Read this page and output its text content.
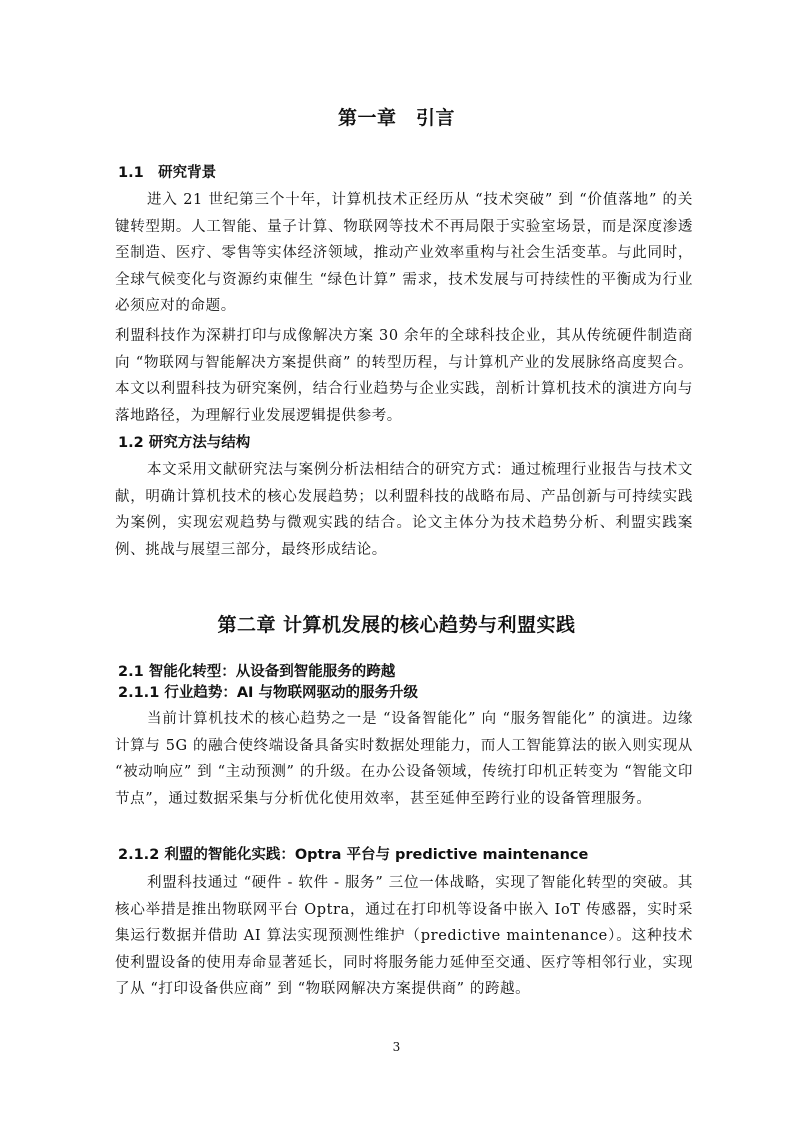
第一章　引言
1.1　研究背景

进入 21 世纪第三个十年，计算机技术正经历从 “技术突破” 到 “价值落地” 的关键转型期。人工智能、量子计算、物联网等技术不再局限于实验室场景，而是深度渗透至制造、医疗、零售等实体经济领域，推动产业效率重构与社会生活变革。与此同时，全球气候变化与资源约束催生 “绿色计算” 需求，技术发展与可持续性的平衡成为行业必须应对的命题。

利盟科技作为深耕打印与成像解决方案 30 余年的全球科技企业，其从传统硬件制造商向 “物联网与智能解决方案提供商” 的转型历程，与计算机产业的发展脉络高度契合。本文以利盟科技为研究案例，结合行业趋势与企业实践，剖析计算机技术的演进方向与落地路径，为理解行业发展逻辑提供参考。

1.2 研究方法与结构

本文采用文献研究法与案例分析法相结合的研究方式：通过梳理行业报告与技术文献，明确计算机技术的核心发展趋势；以利盟科技的战略布局、产品创新与可持续实践为案例，实现宏观趋势与微观实践的结合。论文主体分为技术趋势分析、利盟实践案例、挑战与展望三部分，最终形成结论。

第二章 计算机发展的核心趋势与利盟实践
2.1 智能化转型：从设备到智能服务的跨越
2.1.1 行业趋势：AI 与物联网驱动的服务升级

当前计算机技术的核心趋势之一是 “设备智能化” 向 “服务智能化” 的演进。边缘计算与 5G 的融合使终端设备具备实时数据处理能力，而人工智能算法的嵌入则实现从 “被动响应” 到 “主动预测” 的升级。在办公设备领域，传统打印机正转变为 “智能文印节点”，通过数据采集与分析优化使用效率，甚至延伸至跨行业的设备管理服务。

2.1.2 利盟的智能化实践：Optra 平台与 predictive maintenance

利盟科技通过 “硬件 - 软件 - 服务” 三位一体战略，实现了智能化转型的突破。其核心举措是推出物联网平台 Optra，通过在打印机等设备中嵌入 IoT 传感器，实时采集运行数据并借助 AI 算法实现预测性维护（predictive maintenance）。这种技术使利盟设备的使用寿命显著延长，同时将服务能力延伸至交通、医疗等相邻行业，实现了从 “打印设备供应商” 到 “物联网解决方案提供商” 的跨越。

3
